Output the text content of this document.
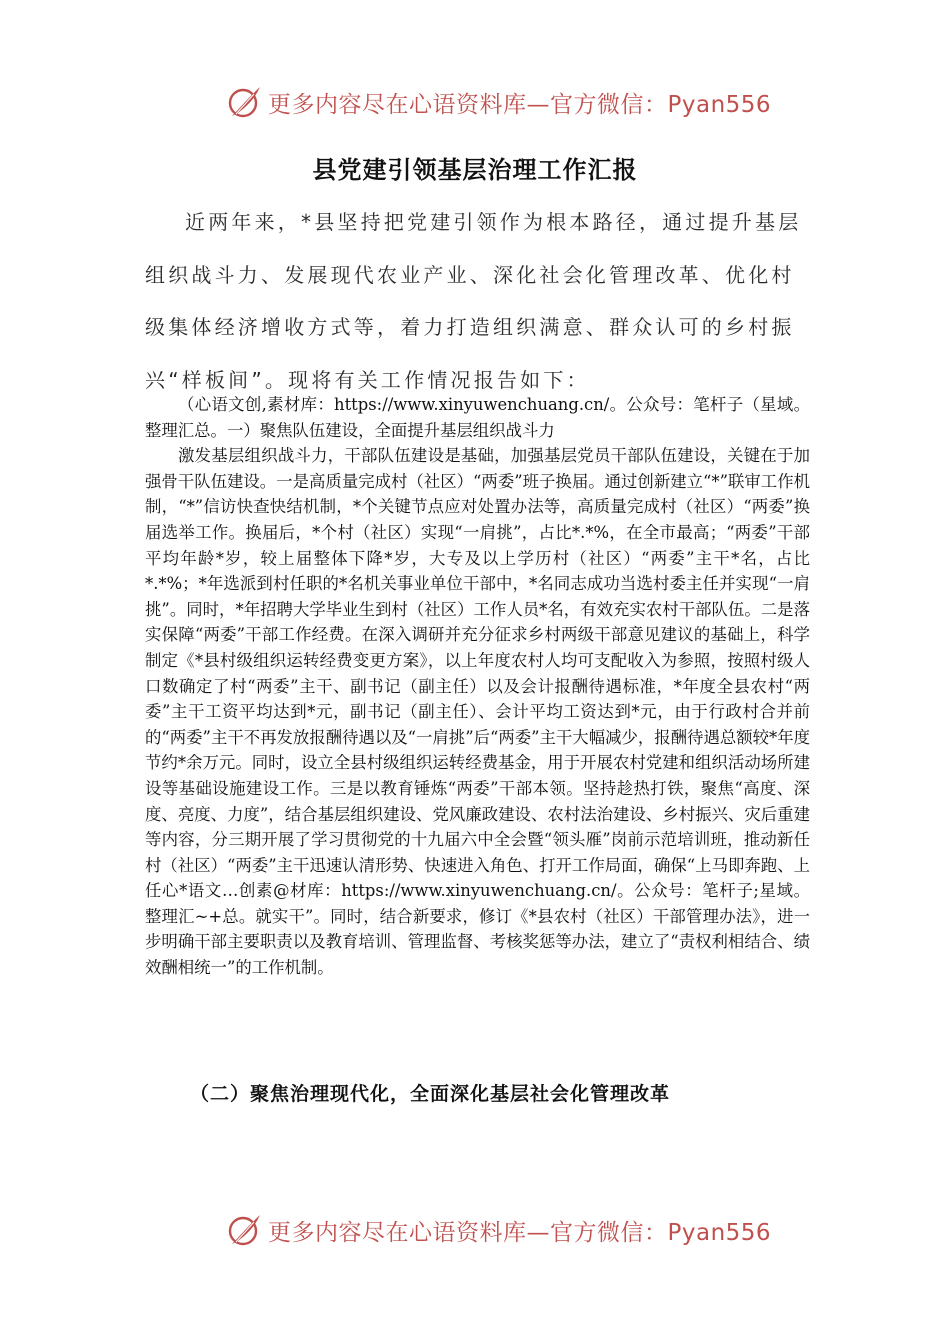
更多内容尽在心语资料库—官方微信：Pyan556
县党建引领基层治理工作汇报

近两年来，*县坚持把党建引领作为根本路径，通过提升基层组织战斗力、发展现代农业产业、深化社会化管理改革、优化村级集体经济增收方式等，着力打造组织满意、群众认可的乡村振兴“样板间”。现将有关工作情况报告如下：

（心语文创,素材库：https://www.xinyuwenchuang.cn/。公众号：笔杆子（星域。整理汇总。一）聚焦队伍建设，全面提升基层组织战斗力

激发基层组织战斗力，干部队伍建设是基础，加强基层党员干部队伍建设，关键在于加强骨干队伍建设。一是高质量完成村（社区）“两委”班子换届。通过创新建立“*”联审工作机制，“*”信访快查快结机制，*个关键节点应对处置办法等，高质量完成村（社区）“两委”换届选举工作。换届后，*个村（社区）实现“一肩挑”，占比*.*%，在全市最高；“两委”干部平均年龄*岁，较上届整体下降*岁，大专及以上学历村（社区）“两委”主干*名，占比*.*%；*年选派到村任职的*名机关事业单位干部中，*名同志成功当选村委主任并实现“一肩挑”。同时，*年招聘大学毕业生到村（社区）工作人员*名，有效充实农村干部队伍。二是落实保障“两委”干部工作经费。在深入调研并充分征求乡村两级干部意见建议的基础上，科学制定《*县村级组织运转经费变更方案》，以上年度农村人均可支配收入为参照，按照村级人口数确定了村“两委”主干、副书记（副主任）以及会计报酬待遇标准，*年度全县农村“两委”主干工资平均达到*元，副书记（副主任）、会计平均工资达到*元，由于行政村合并前的“两委”主干不再发放报酬待遇以及“一肩挑”后“两委”主干大幅减少，报酬待遇总额较*年度节约*余万元。同时，设立全县村级组织运转经费基金，用于开展农村党建和组织活动场所建设等基础设施建设工作。三是以教育锤炼“两委”干部本领。坚持趁热打铁，聚焦“高度、深度、亮度、力度”，结合基层组织建设、党风廉政建设、农村法治建设、乡村振兴、灾后重建等内容，分三期开展了学习贯彻党的十九届六中全会暨“领头雁”岗前示范培训班，推动新任村（社区）“两委”主干迅速认清形势、快速进入角色、打开工作局面，确保“上马即奔跑、上任心*语文…创素@材库：https://www.xinyuwenchuang.cn/。公众号：笔杆子;星域。整理汇~+总。就实干”。同时，结合新要求，修订《*县农村（社区）干部管理办法》，进一步明确干部主要职责以及教育培训、管理监督、考核奖惩等办法，建立了“责权利相结合、绩效酬相统一”的工作机制。

（二）聚焦治理现代化，全面深化基层社会化管理改革
更多内容尽在心语资料库—官方微信：Pyan556
